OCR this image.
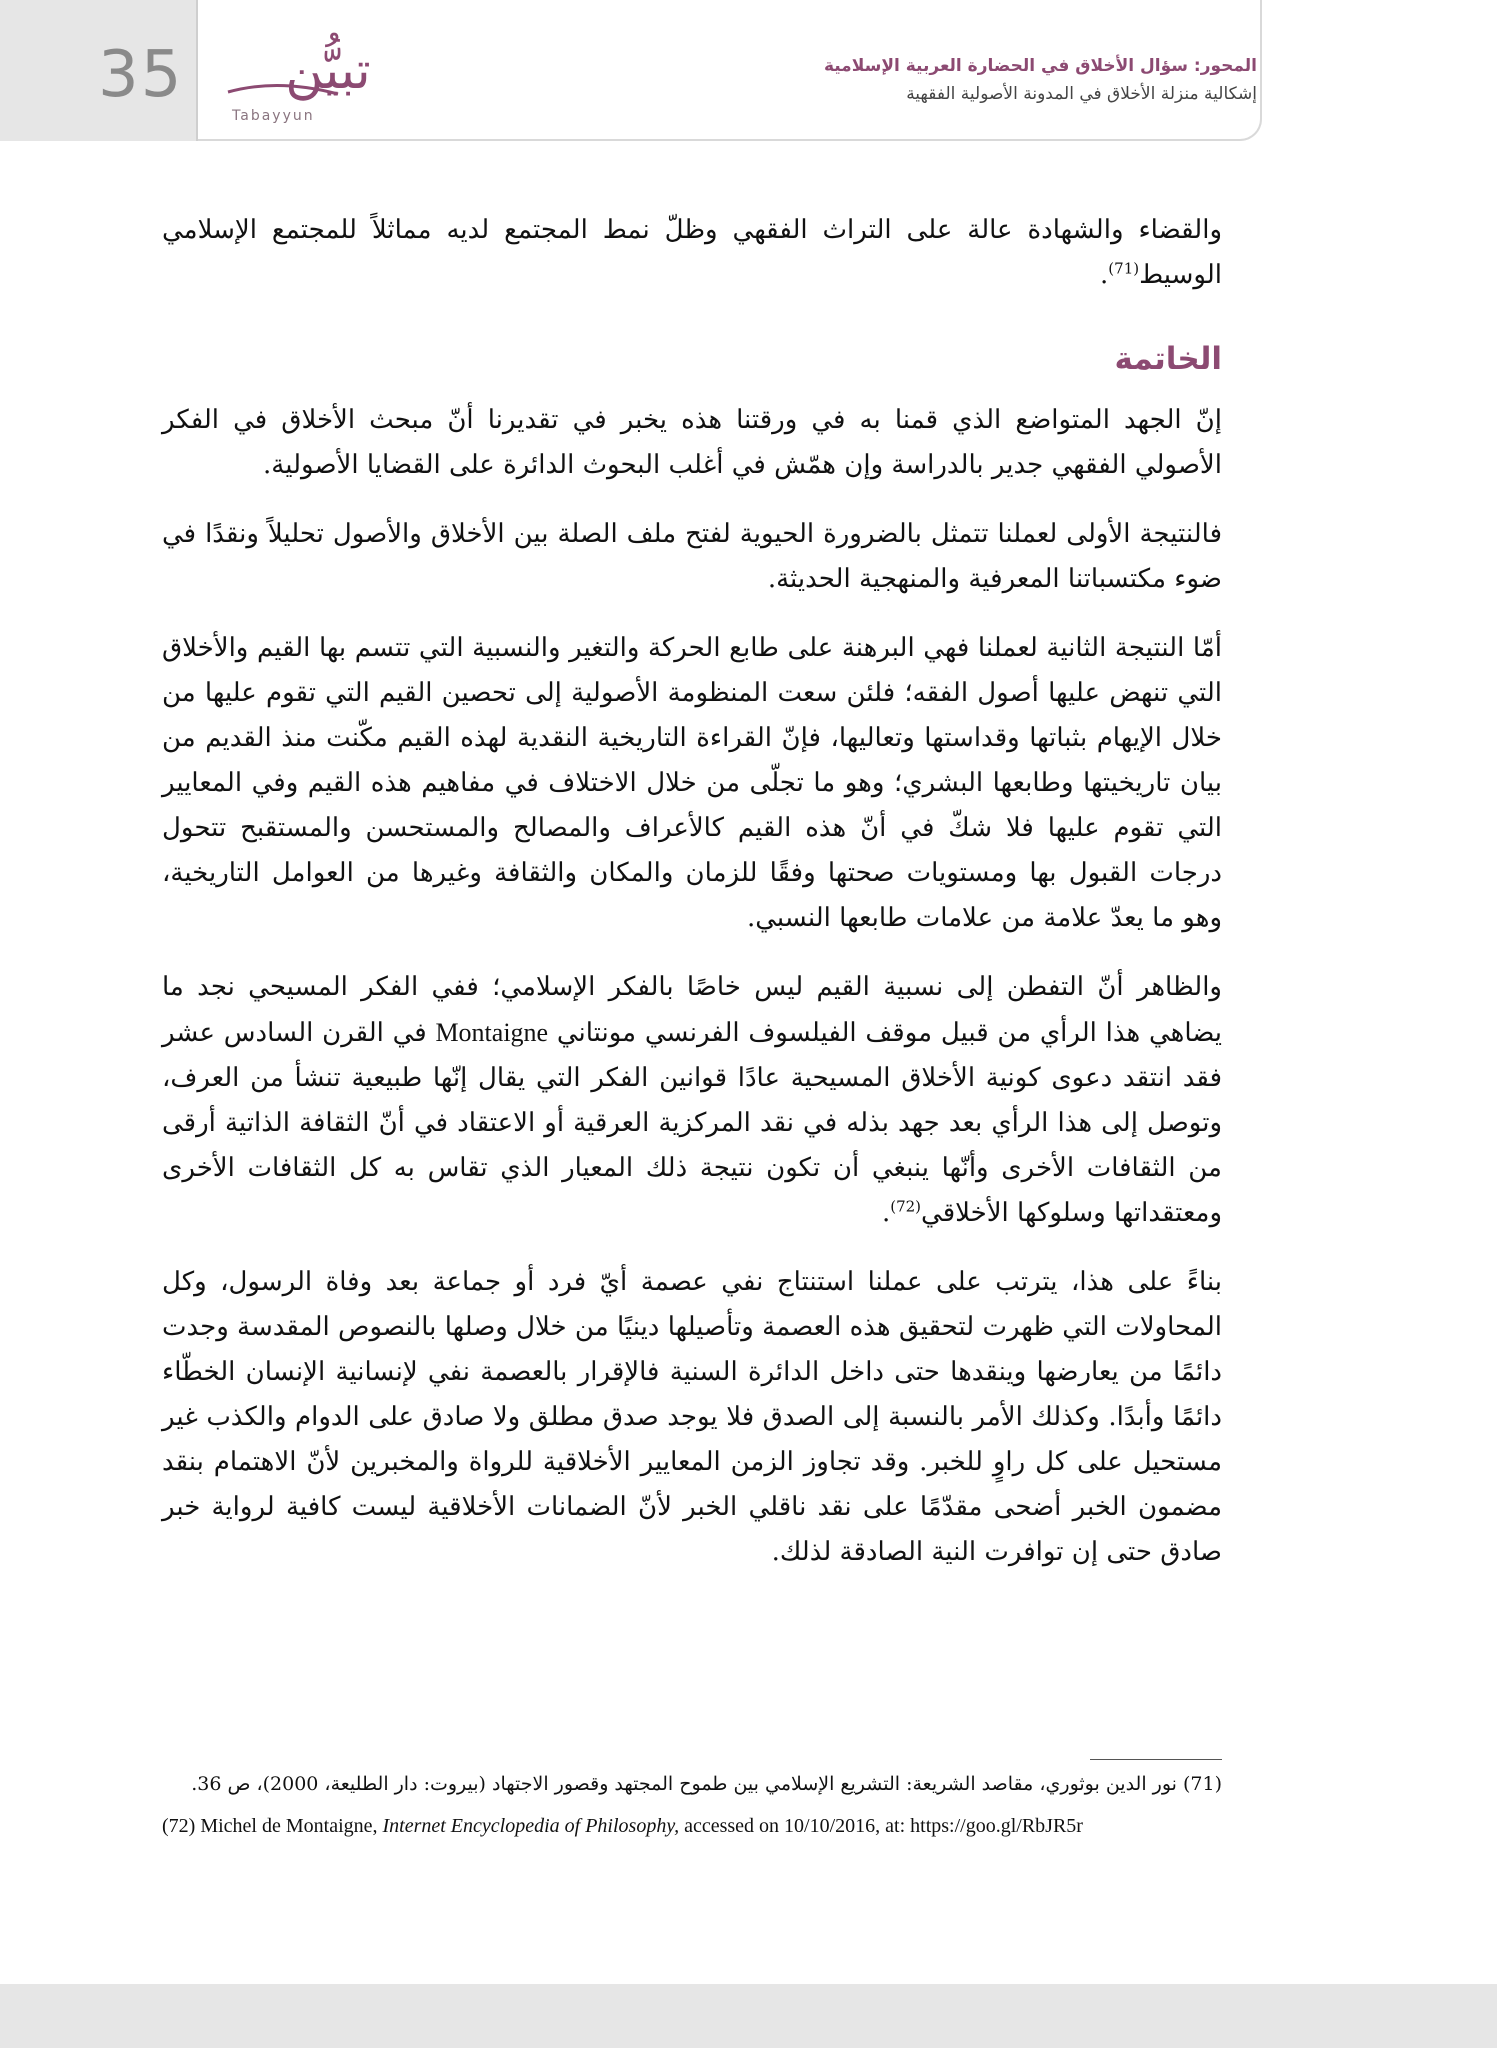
35 تبيُّن
Tabayyun
المحور: سؤال الأخلاق في الحضارة العربية الإسلامية
إشكالية منزلة الأخلاق في المدونة الأصولية الفقهية

والقضاء والشهادة عالة على التراث الفقهي وظلّ نمط المجتمع لديه مماثلاً للمجتمع الإسلامي الوسيط$^{(71)}$.

الخاتمة

إنّ الجهد المتواضع الذي قمنا به في ورقتنا هذه يخبر في تقديرنا أنّ مبحث الأخلاق في الفكر الأصولي الفقهي جدير بالدراسة وإن همّش في أغلب البحوث الدائرة على القضايا الأصولية.

فالنتيجة الأولى لعملنا تتمثل بالضرورة الحيوية لفتح ملف الصلة بين الأخلاق والأصول تحليلاً ونقدًا في ضوء مكتسباتنا المعرفية والمنهجية الحديثة.

أمّا النتيجة الثانية لعملنا فهي البرهنة على طابع الحركة والتغير والنسبية التي تتسم بها القيم والأخلاق التي تنهض عليها أصول الفقه؛ فلئن سعت المنظومة الأصولية إلى تحصين القيم التي تقوم عليها من خلال الإيهام بثباتها وقداستها وتعاليها، فإنّ القراءة التاريخية النقدية لهذه القيم مكّنت منذ القديم من بيان تاريخيتها وطابعها البشري؛ وهو ما تجلّى من خلال الاختلاف في مفاهيم هذه القيم وفي المعايير التي تقوم عليها فلا شكّ في أنّ هذه القيم كالأعراف والمصالح والمستحسن والمستقبح تتحول درجات القبول بها ومستويات صحتها وفقًا للزمان والمكان والثقافة وغيرها من العوامل التاريخية، وهو ما يعدّ علامة من علامات طابعها النسبي.

والظاهر أنّ التفطن إلى نسبية القيم ليس خاصًا بالفكر الإسلامي؛ ففي الفكر المسيحي نجد ما يضاهي هذا الرأي من قبيل موقف الفيلسوف الفرنسي مونتاني Montaigne في القرن السادس عشر فقد انتقد دعوى كونية الأخلاق المسيحية عادًا قوانين الفكر التي يقال إنّها طبيعية تنشأ من العرف، وتوصل إلى هذا الرأي بعد جهد بذله في نقد المركزية العرقية أو الاعتقاد في أنّ الثقافة الذاتية أرقى من الثقافات الأخرى وأنّها ينبغي أن تكون نتيجة ذلك المعيار الذي تقاس به كل الثقافات الأخرى ومعتقداتها وسلوكها الأخلاقي$^{(72)}$.

بناءً على هذا، يترتب على عملنا استنتاج نفي عصمة أيّ فرد أو جماعة بعد وفاة الرسول، وكل المحاولات التي ظهرت لتحقيق هذه العصمة وتأصيلها دينيًا من خلال وصلها بالنصوص المقدسة وجدت دائمًا من يعارضها وينقدها حتى داخل الدائرة السنية فالإقرار بالعصمة نفي لإنسانية الإنسان الخطّاء دائمًا وأبدًا. وكذلك الأمر بالنسبة إلى الصدق فلا يوجد صدق مطلق ولا صادق على الدوام والكذب غير مستحيل على كل راوٍ للخبر. وقد تجاوز الزمن المعايير الأخلاقية للرواة والمخبرين لأنّ الاهتمام بنقد مضمون الخبر أضحى مقدّمًا على نقد ناقلي الخبر لأنّ الضمانات الأخلاقية ليست كافية لرواية خبر صادق حتى إن توافرت النية الصادقة لذلك.

(71) نور الدين بوثوري، مقاصد الشريعة: التشريع الإسلامي بين طموح المجتهد وقصور الاجتهاد (بيروت: دار الطليعة، 2000)، ص 36.
(72) Michel de Montaigne, Internet Encyclopedia of Philosophy, accessed on 10/10/2016, at: https://goo.gl/RbJR5r
